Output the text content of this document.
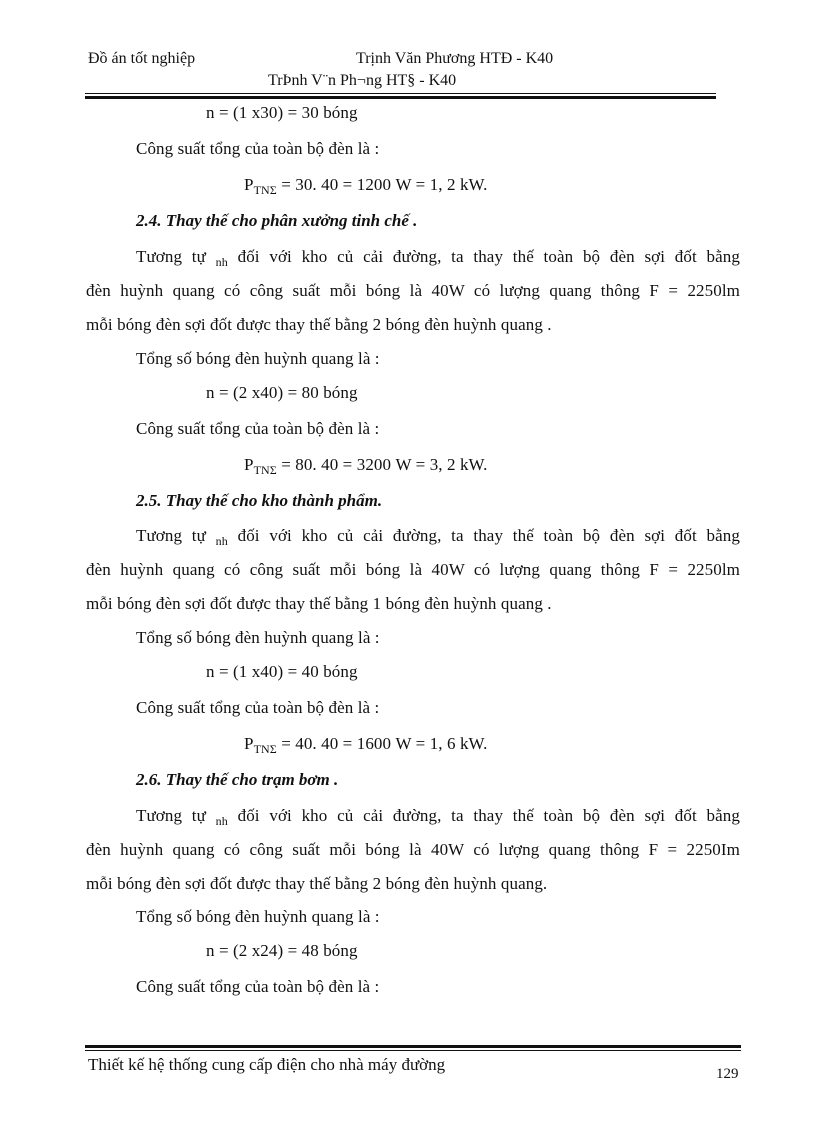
Đồ án tốt nghiệp	Trịnh Văn Phương HTĐ - K40
TrÞnh V¨n Ph¬ng HT§ - K40
n = (1 x30) = 30 bóng
Công suất tổng của toàn bộ đèn là :
$P_{TN\Sigma} = 30$. 40 = 1200 W = 1, 2 kW.
2.4. Thay thế cho phân xưởng tinh chế .
Tương tự $_{nh}$ đối với kho củ cải đường, ta thay thế toàn bộ đèn sợi đốt bằng
đèn huỳnh quang có công suất mỗi bóng là 40W có lượng quang thông F = 2250lm
mỗi bóng đèn sợi đốt được thay thế bằng 2 bóng đèn huỳnh quang .
Tổng số bóng đèn huỳnh quang là :
n = (2 x40) = 80 bóng
Công suất tổng của toàn bộ đèn là :
$P_{TN\Sigma} = 80$. 40 = 3200 W = 3, 2 kW.
2.5. Thay thế cho kho thành phẩm.
Tương tự $_{nh}$ đối với kho củ cải đường, ta thay thế toàn bộ đèn sợi đốt bằng
đèn huỳnh quang có công suất mỗi bóng là 40W có lượng quang thông F = 2250lm
mỗi bóng đèn sợi đốt được thay thế bằng 1 bóng đèn huỳnh quang .
Tổng số bóng đèn huỳnh quang là :
n = (1 x40) = 40 bóng
Công suất tổng của toàn bộ đèn là :
$P_{TN\Sigma} = 40$. 40 = 1600 W = 1, 6 kW.
2.6. Thay thế cho trạm bơm .
Tương tự $_{nh}$ đối với kho củ cải đường, ta thay thế toàn bộ đèn sợi đốt bằng
đèn huỳnh quang có công suất mỗi bóng là 40W có lượng quang thông F = 2250Im
mỗi bóng đèn sợi đốt được thay thế bằng 2 bóng đèn huỳnh quang.
Tổng số bóng đèn huỳnh quang là :
n = (2 x24) = 48 bóng
Công suất tổng của toàn bộ đèn là :
Thiết kế hệ thống cung cấp điện cho nhà máy đường	129
